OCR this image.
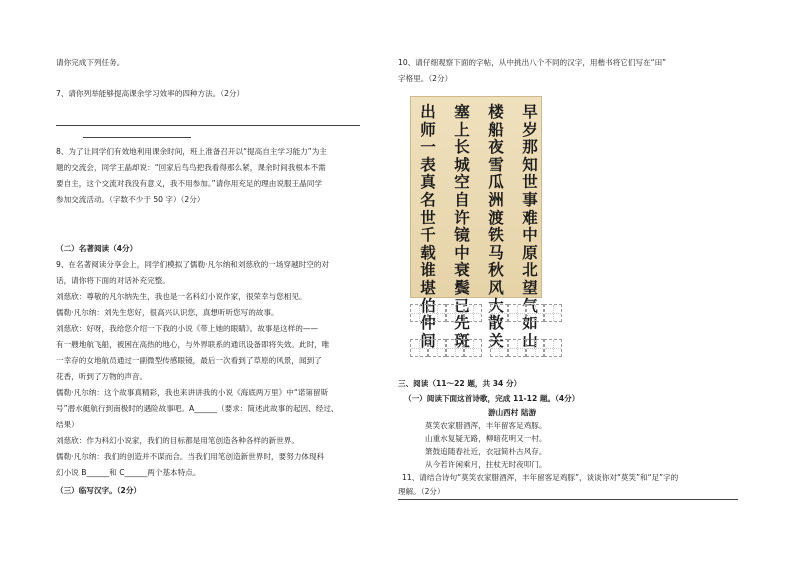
请你完成下列任务。
7、请你列举能够提高课余学习效率的四种方法。（2分）
8、为了让同学们有效地利用课余时间，班上准备召开以“提高自主学习能力”为主
题的交流会，同学王晶却说：“回家后鸟鸟把我看得那么紧，课余时间我根本不需
要自主，这个交流对我没有意义，我不用参加。”请你用充足的理由说服王晶同学
参加交流活动。（字数不少于 50 字）（2分）
（二）名著阅读（4分）
9、在名著阅读分享会上，同学们模拟了儒勒·凡尔纳和刘慈欣的一场穿越时空的对
话，请你将下面的对话补充完整。
刘慈欣：尊敬的凡尔纳先生，我也是一名科幻小说作家，很荣幸与您相见。
儒勒·凡尔纳：刘先生您好，很高兴认识您，真想听听您写的故事。
刘慈欣：好呀，我给您介绍一下我的小说《带上她的眼睛》。故事是这样的——
有一艘地航飞船，被困在高热的地心，与外界联系的通讯设备即将失效。此时，唯
一幸存的女地航员通过一副微型传感眼镜，最后一次看到了草原的风景，闻到了
花香，听到了万物的声音。
儒勒·凡尔纳：这个故事真精彩，我也来讲讲我的小说《海底两万里》中“诺第留斯
号”潜水艇航行到南极时的遇险故事吧。A______（要求：简述此故事的起因、经过、
结果）
刘慈欣：作为科幻小说家，我们的目标都是用笔创造各种各样的新世界。
儒勒·凡尔纳：我们的创造并不谋而合。当我们用笔创造新世界时，要努力体现科
幻小说 B______和 C______两个基本特点。
（三）临写汉字。（2分）
10、请仔细观察下面的字帖，从中挑出八个不同的汉字，用楷书将它们写在“田”
字格里。（2分）
早岁那知世事难中原北望气如山
楼船夜雪瓜洲渡铁马秋风大散关
塞上长城空自许镜中衰鬓已先斑
出师一表真名世千载谁堪伯仲间
三、阅读（11～22 题，共 34 分）
（一）阅读下面这首诗歌，完成 11-12 题。（4分）
游山西村 陆游
莫笑农家腊酒浑，丰年留客足鸡豚。
山重水复疑无路，柳暗花明又一村。
箫鼓追随春社近，衣冠简朴古风存。
从今若许闲乘月，拄杖无时夜叩门。
11、请结合诗句“莫笑农家腊酒浑，丰年留客足鸡豚”，谈谈你对“莫笑”和“足”字的
理解。（2分）
